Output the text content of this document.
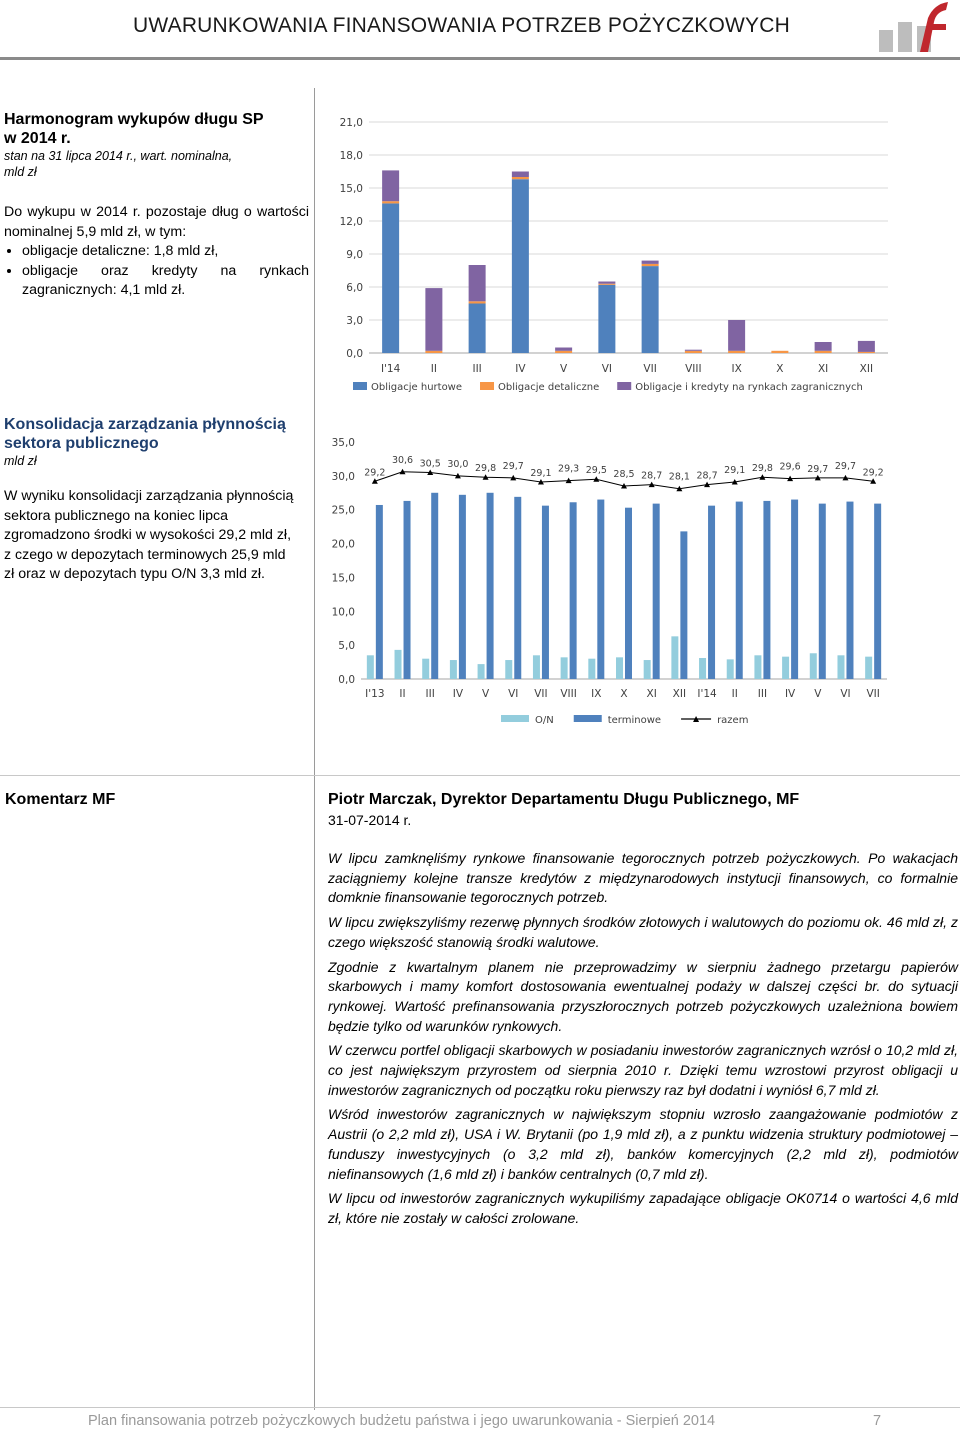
UWARUNKOWANIA FINANSOWANIA POTRZEB POŻYCZKOWYCH
Harmonogram wykupów długu SP
w 2014 r.
stan na 31 lipca 2014 r., wart. nominalna,
mld zł
Do wykupu w 2014 r. pozostaje dług o wartości nominalnej 5,9 mld zł, w tym:
• obligacje detaliczne: 1,8 mld zł,
• obligacje oraz kredyty na rynkach zagranicznych: 4,1 mld zł.
0,0
3,0
6,0
9,0
12,0
15,0
18,0
21,0
I'14	II	III	IV	V	VI	VII	VIII	IX	X	XI	XII
Obligacje hurtowe	Obligacje detaliczne	Obligacje i kredyty na rynkach zagranicznych
Konsolidacja zarządzania płynnością
sektora publicznego
mld zł
W wyniku konsolidacji zarządzania płynnością sektora publicznego na koniec lipca zgromadzono środki w wysokości 29,2 mld zł, z czego w depozytach terminowych 25,9 mld zł oraz w depozytach typu O/N 3,3 mld zł.
0,0
5,0
10,0
15,0
20,0
25,0
30,0
35,0
I'13 II III IV V VI VII VIII IX X XI XII I'14 II III IV V VI VII
29,2
30,6 30,5 30,0 29,8 29,7
29,1 29,3 29,5 28,5 28,7 28,1 28,7
29,1 29,8 29,6 29,7 29,7
29,2
O/N	terminowe	razem
Komentarz MF	Piotr Marczak, Dyrektor Departamentu Długu Publicznego, MF
31-07-2014 r.

W lipcu zamknęliśmy rynkowe finansowanie tegorocznych potrzeb pożyczkowych. Po wakacjach zaciągniemy kolejne transze kredytów z międzynarodowych instytucji finansowych, co formalnie domknie finansowanie tegorocznych potrzeb.

W lipcu zwiększyliśmy rezerwę płynnych środków złotowych i walutowych do poziomu ok. 46 mld zł, z czego większość stanowią środki walutowe.

Zgodnie z kwartalnym planem nie przeprowadzimy w sierpniu żadnego przetargu papierów skarbowych i mamy komfort dostosowania ewentualnej podaży w dalszej części br. do sytuacji rynkowej. Wartość prefinansowania przyszłorocznych potrzeb pożyczkowych uzależniona bowiem będzie tylko od warunków rynkowych.

W czerwcu portfel obligacji skarbowych w posiadaniu inwestorów zagranicznych wzrósł o 10,2 mld zł, co jest największym przyrostem od sierpnia 2010 r. Dzięki temu wzrostowi przyrost obligacji u inwestorów zagranicznych od początku roku pierwszy raz był dodatni i wyniósł 6,7 mld zł.

Wśród inwestorów zagranicznych w największym stopniu wzrosło zaangażowanie podmiotów z Austrii (o 2,2 mld zł), USA i W. Brytanii (po 1,9 mld zł), a z punktu widzenia struktury podmiotowej – funduszy inwestycyjnych (o 3,2 mld zł), banków komercyjnych (2,2 mld zł), podmiotów niefinansowych (1,6 mld zł) i banków centralnych (0,7 mld zł).

W lipcu od inwestorów zagranicznych wykupiliśmy zapadające obligacje OK0714 o wartości 4,6 mld zł, które nie zostały w całości zrolowane.

Plan finansowania potrzeb pożyczkowych budżetu państwa i jego uwarunkowania - Sierpień 2014	7
